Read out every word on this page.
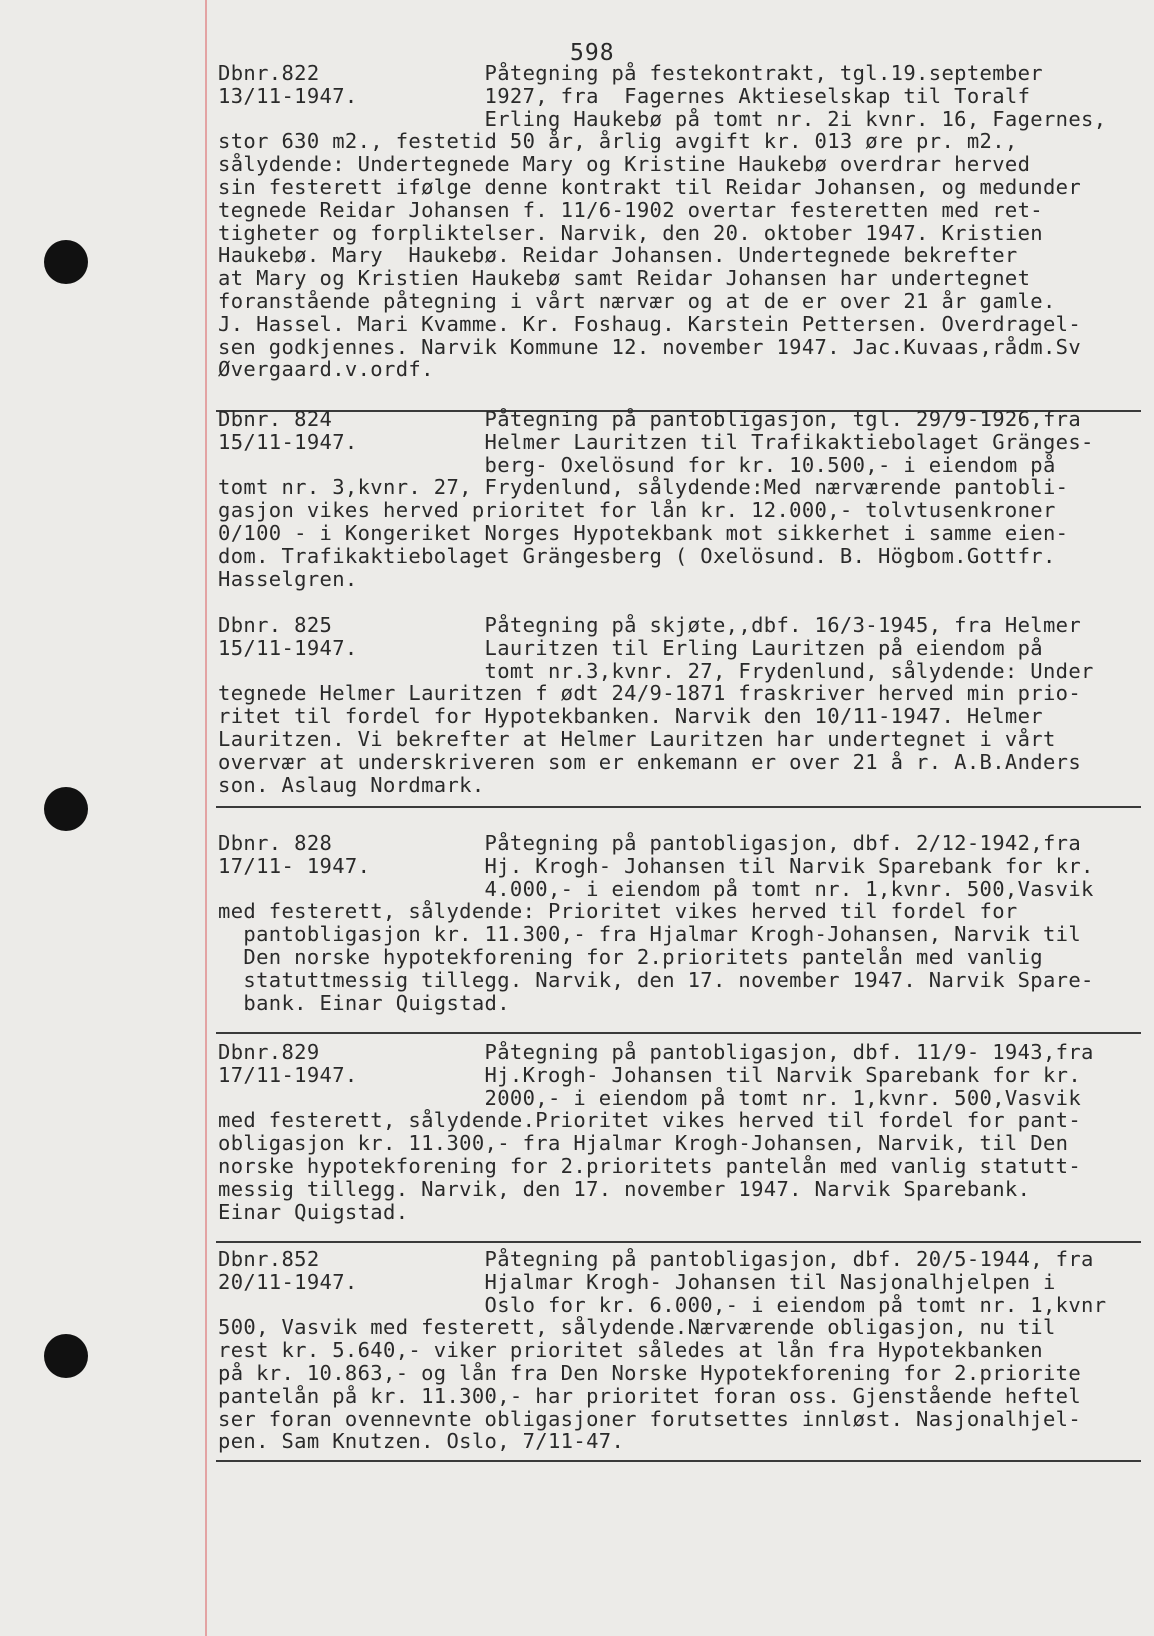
598
Dbnr.822             Påtegning på festekontrakt, tgl.19.september
13/11-1947.          1927, fra  Fagernes Aktieselskap til Toralf
Erling Haukebø på tomt nr. 2i kvnr. 16, Fagernes,
stor 630 m2., festetid 50 år, årlig avgift kr. 013 øre pr. m2.,
sålydende: Undertegnede Mary og Kristine Haukebø overdrar herved
sin festerett ifølge denne kontrakt til Reidar Johansen, og medunder
tegnede Reidar Johansen f. 11/6-1902 overtar festeretten med ret-
tigheter og forpliktelser. Narvik, den 20. oktober 1947. Kristien
Haukebø. Mary  Haukebø. Reidar Johansen. Undertegnede bekrefter
at Mary og Kristien Haukebø samt Reidar Johansen har undertegnet
foranstående påtegning i vårt nærvær og at de er over 21 år gamle.
J. Hassel. Mari Kvamme. Kr. Foshaug. Karstein Pettersen. Overdragel-
sen godkjennes. Narvik Kommune 12. november 1947. Jac.Kuvaas,rådm.Sv
Øvergaard.v.ordf.
Dbnr. 824            Påtegning på pantobligasjon, tgl. 29/9-1926,fra
15/11-1947.          Helmer Lauritzen til Trafikaktiebolaget Gränges-
berg- Oxelösund for kr. 10.500,- i eiendom på
tomt nr. 3,kvnr. 27, Frydenlund, sålydende:Med nærværende pantobli-
gasjon vikes herved prioritet for lån kr. 12.000,- tolvtusenkroner
0/100 - i Kongeriket Norges Hypotekbank mot sikkerhet i samme eien-
dom. Trafikaktiebolaget Grängesberg ( Oxelösund. B. Högbom.Gottfr.
Hasselgren.
Dbnr. 825            Påtegning på skjøte,,dbf. 16/3-1945, fra Helmer
15/11-1947.          Lauritzen til Erling Lauritzen på eiendom på
tomt nr.3,kvnr. 27, Frydenlund, sålydende: Under
tegnede Helmer Lauritzen f ødt 24/9-1871 fraskriver herved min prio-
ritet til fordel for Hypotekbanken. Narvik den 10/11-1947. Helmer
Lauritzen. Vi bekrefter at Helmer Lauritzen har undertegnet i vårt
overvær at underskriveren som er enkemann er over 21 å r. A.B.Anders
son. Aslaug Nordmark.
Dbnr. 828            Påtegning på pantobligasjon, dbf. 2/12-1942,fra
17/11- 1947.         Hj. Krogh- Johansen til Narvik Sparebank for kr.
4.000,- i eiendom på tomt nr. 1,kvnr. 500,Vasvik
med festerett, sålydende: Prioritet vikes herved til fordel for
pantobligasjon kr. 11.300,- fra Hjalmar Krogh-Johansen, Narvik til
Den norske hypotekforening for 2.prioritets pantelån med vanlig
statuttmessig tillegg. Narvik, den 17. november 1947. Narvik Spare-
bank. Einar Quigstad.
Dbnr.829             Påtegning på pantobligasjon, dbf. 11/9- 1943,fra
17/11-1947.          Hj.Krogh- Johansen til Narvik Sparebank for kr.
2000,- i eiendom på tomt nr. 1,kvnr. 500,Vasvik
med festerett, sålydende.Prioritet vikes herved til fordel for pant-
obligasjon kr. 11.300,- fra Hjalmar Krogh-Johansen, Narvik, til Den
norske hypotekforening for 2.prioritets pantelån med vanlig statutt-
messig tillegg. Narvik, den 17. november 1947. Narvik Sparebank.
Einar Quigstad.
Dbnr.852             Påtegning på pantobligasjon, dbf. 20/5-1944, fra
20/11-1947.          Hjalmar Krogh- Johansen til Nasjonalhjelpen i
Oslo for kr. 6.000,- i eiendom på tomt nr. 1,kvnr
500, Vasvik med festerett, sålydende.Nærværende obligasjon, nu til
rest kr. 5.640,- viker prioritet således at lån fra Hypotekbanken
på kr. 10.863,- og lån fra Den Norske Hypotekforening for 2.priorite
pantelån på kr. 11.300,- har prioritet foran oss. Gjenstående heftel
ser foran ovennevnte obligasjoner forutsettes innløst. Nasjonalhjel-
pen. Sam Knutzen. Oslo, 7/11-47.
